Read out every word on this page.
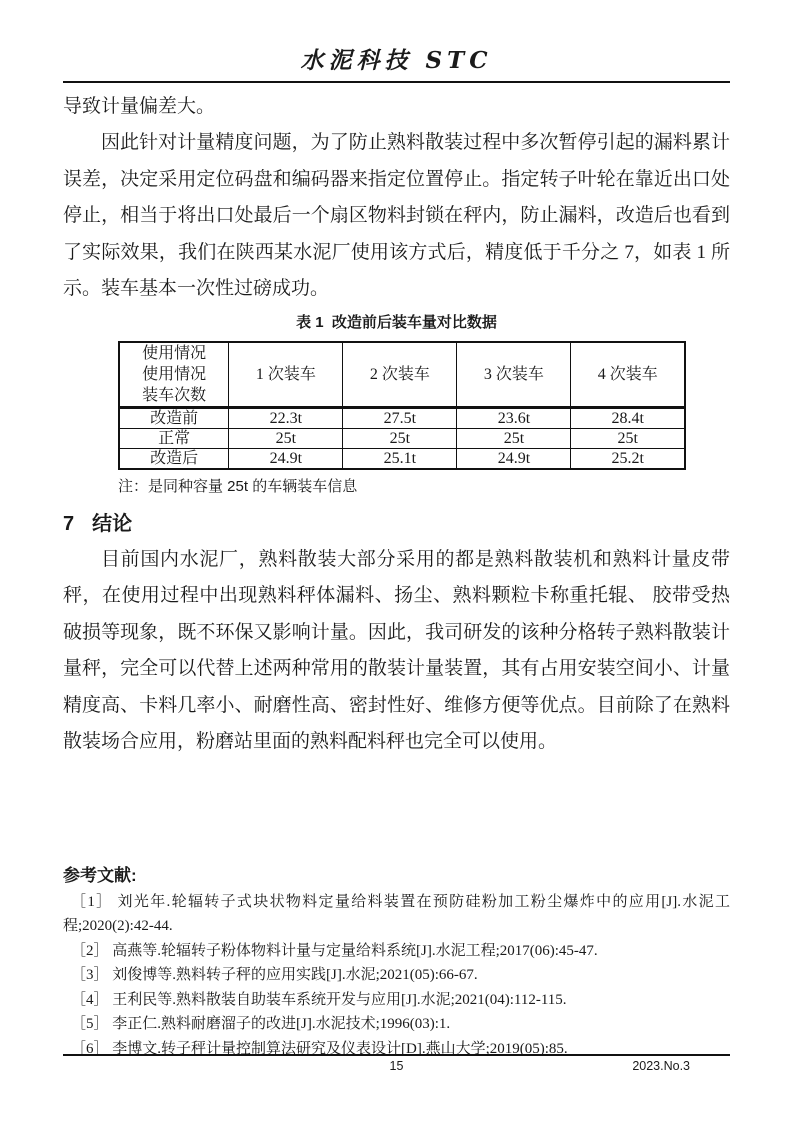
水泥科技 STC
导致计量偏差大。

因此针对计量精度问题，为了防止熟料散装过程中多次暂停引起的漏料累计误差，决定采用定位码盘和编码器来指定位置停止。指定转子叶轮在靠近出口处停止，相当于将出口处最后一个扇区物料封锁在秤内，防止漏料，改造后也看到了实际效果，我们在陕西某水泥厂使用该方式后，精度低于千分之 7，如表 1 所示。装车基本一次性过磅成功。

表 1  改造前后装车量对比数据
使用情况
使用情况
装车次数	1 次装车	2 次装车	3 次装车	4 次装车
改造前	22.3t	27.5t	23.6t	28.4t
正常	25t	25t	25t	25t
改造后	24.9t	25.1t	24.9t	25.2t
注：是同种容量 25t 的车辆装车信息
7 结论

目前国内水泥厂，熟料散装大部分采用的都是熟料散装机和熟料计量皮带秤，在使用过程中出现熟料秤体漏料、扬尘、熟料颗粒卡称重托辊、 胶带受热破损等现象，既不环保又影响计量。因此，我司研发的该种分格转子熟料散装计量秤，完全可以代替上述两种常用的散装计量装置，其有占用安装空间小、计量精度高、卡料几率小、耐磨性高、密封性好、维修方便等优点。目前除了在熟料散装场合应用，粉磨站里面的熟料配料秤也完全可以使用。

参考文献:

［1］ 刘光年.轮辐转子式块状物料定量给料装置在预防硅粉加工粉尘爆炸中的应用[J].水泥工程;2020(2):42-44.

［2］ 高燕等.轮辐转子粉体物料计量与定量给料系统[J].水泥工程;2017(06):45-47.

［3］ 刘俊博等.熟料转子秤的应用实践[J].水泥;2021(05):66-67.

［4］ 王利民等.熟料散装自助装车系统开发与应用[J].水泥;2021(04):112-115.

［5］ 李正仁.熟料耐磨溜子的改进[J].水泥技术;1996(03):1.

［6］ 李博文.转子秤计量控制算法研究及仪表设计[D].燕山大学;2019(05):85.

15	2023.No.3
